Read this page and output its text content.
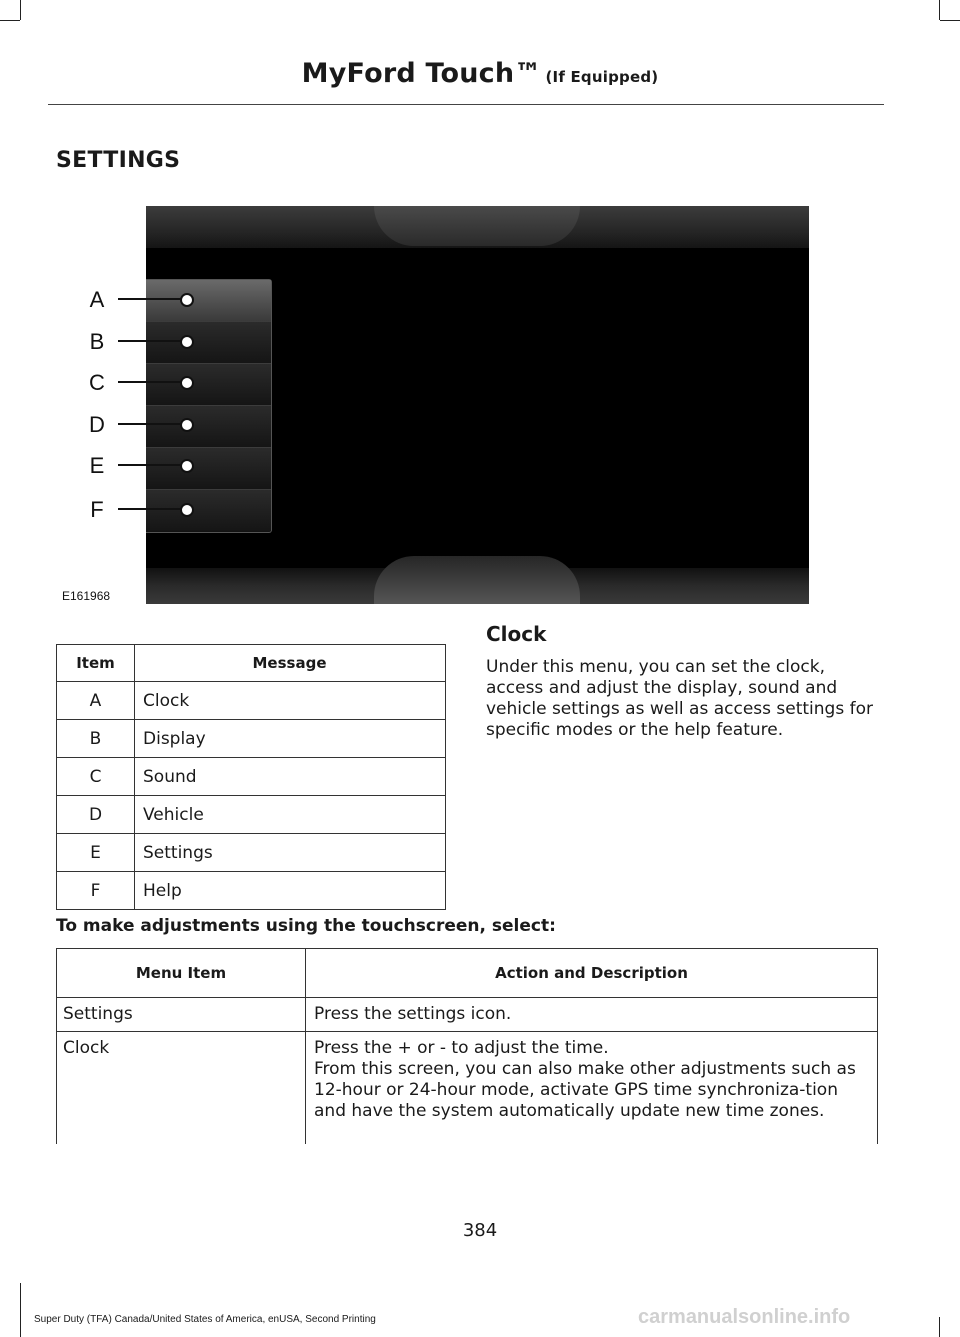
MyFord Touch™ (If Equipped)
SETTINGS
A
B
C
D
E
F
E161968
Item	Message
A	Clock
B	Display
C	Sound
D	Vehicle
E	Settings
F	Help
Clock
Under this menu, you can set the clock, access and adjust the display, sound and vehicle settings as well as access settings for specific modes or the help feature.
To make adjustments using the touchscreen, select:
Menu Item	Action and Description
Settings	Press the settings icon.

Clock	Press the + or - to adjust the time.

From this screen, you can also make other adjustments such as 12-hour or 24-hour mode, activate GPS time synchroniza-tion and have the system automatically update new time zones.

384
Super Duty (TFA) Canada/United States of America, enUSA, Second Printing	carmanualsonline.info
